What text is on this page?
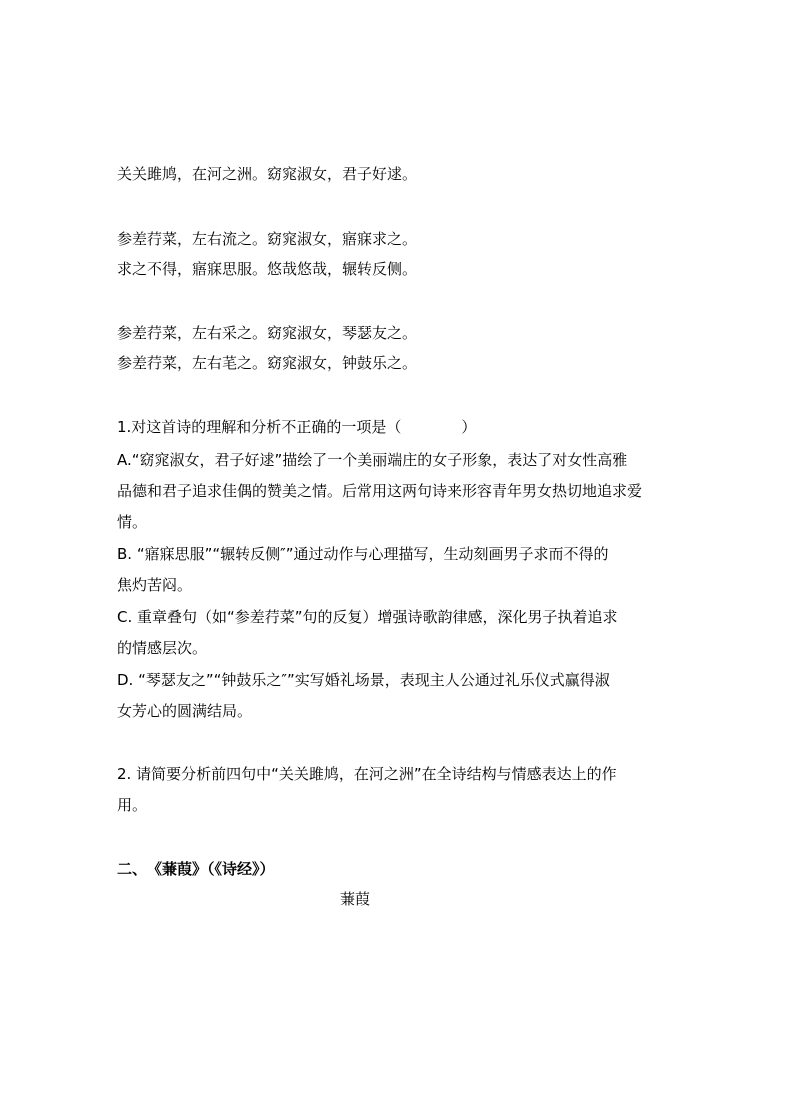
关关雎鸠，在河之洲。窈窕淑女，君子好逑。
参差荇菜，左右流之。窈窕淑女，寤寐求之。
求之不得，寤寐思服。悠哉悠哉，辗转反侧。
参差荇菜，左右采之。窈窕淑女，琴瑟友之。
参差荇菜，左右芼之。窈窕淑女，钟鼓乐之。
1.对这首诗的理解和分析不正确的一项是（　　　　）
A.“窈窕淑女，君子好逑”描绘了一个美丽端庄的女子形象，表达了对女性高雅
品德和君子追求佳偶的赞美之情。后常用这两句诗来形容青年男女热切地追求爱
情。
B. “寤寐思服”“辗转反侧″”通过动作与心理描写，生动刻画男子求而不得的
焦灼苦闷。
C. 重章叠句（如“参差荇菜”句的反复）增强诗歌韵律感，深化男子执着追求
的情感层次。
D. “琴瑟友之”“钟鼓乐之″”实写婚礼场景，表现主人公通过礼乐仪式赢得淑
女芳心的圆满结局。
2. 请简要分析前四句中“关关雎鸠，在河之洲”在全诗结构与情感表达上的作
用。
二、　《蒹葭》（《诗经》）
蒹葭
